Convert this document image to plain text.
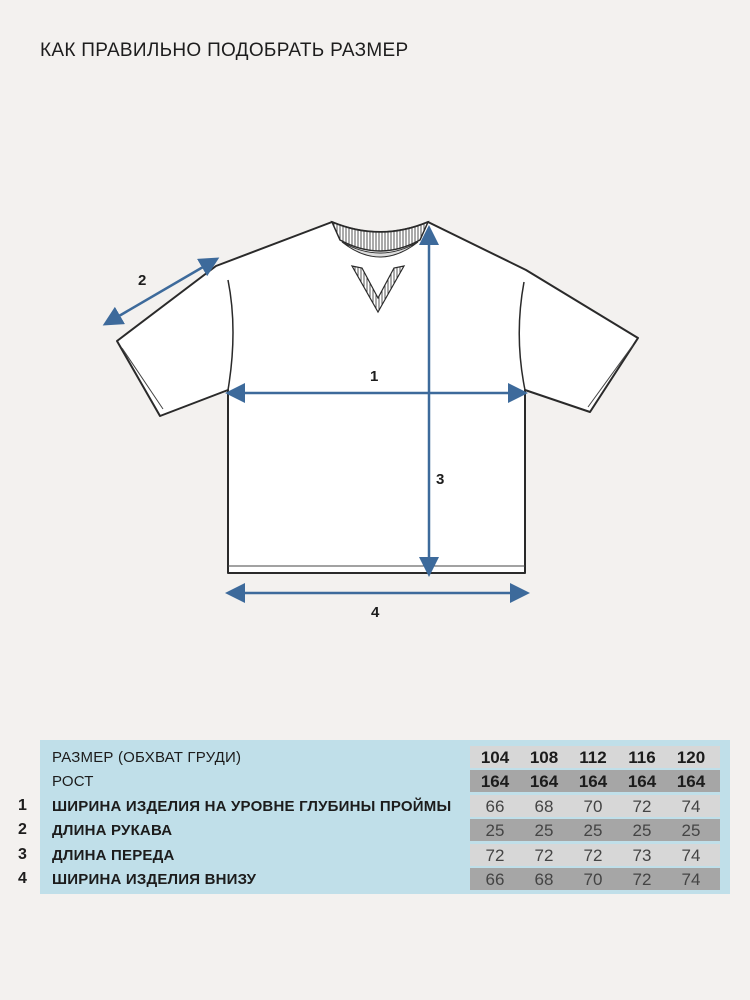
КАК ПРАВИЛЬНО ПОДОБРАТЬ РАЗМЕР
1
2
3
4
1
2
3
4
РАЗМЕР (ОБХВАТ ГРУДИ)	104 108	112	116	120
РОСТ	164 164 164 164 164
ШИРИНА ИЗДЕЛИЯ НА УРОВНЕ ГЛУБИНЫ ПРОЙМЫ	66	68	70	72	74
ДЛИНА РУКАВА	25	25	25	25	25
ДЛИНА ПЕРЕДА	72	72	72	73	74
ШИРИНА ИЗДЕЛИЯ ВНИЗУ	66	68	70	72	74
